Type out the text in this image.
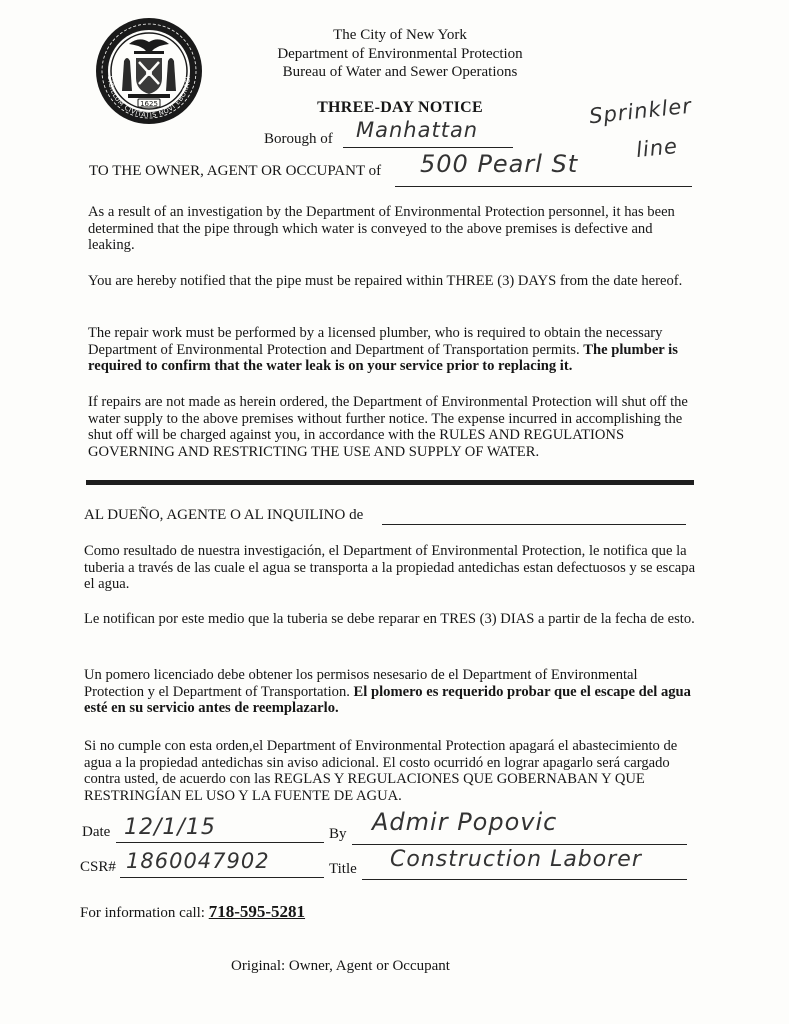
1625
SIGILLUM CIVITATIS NOVI EBORACI
The City of New York
Department of Environmental Protection
Bureau of Water and Sewer Operations
THREE-DAY NOTICE
Borough of Manhattan
Sprinkler
line
TO THE OWNER, AGENT OR OCCUPANT of 500 Pearl St
As a result of an investigation by the Department of Environmental Protection personnel, it has been determined that the pipe through which water is conveyed to the above premises is defective and leaking.
You are hereby notified that the pipe must be repaired within THREE (3) DAYS from the date hereof.
The repair work must be performed by a licensed plumber, who is required to obtain the necessary Department of Environmental Protection and Department of Transportation permits. The plumber is required to confirm that the water leak is on your service prior to replacing it.
If repairs are not made as herein ordered, the Department of Environmental Protection will shut off the water supply to the above premises without further notice. The expense incurred in accomplishing the shut off will be charged against you, in accordance with the RULES AND REGULATIONS GOVERNING AND RESTRICTING THE USE AND SUPPLY OF WATER.
AL DUEÑO, AGENTE O AL INQUILINO de
Como resultado de nuestra investigación, el Department of Environmental Protection, le notifica que la tuberia a través de las cuale el agua se transporta a la propiedad antedichas estan defectuosos y se escapa el agua.
Le notifican por este medio que la tuberia se debe reparar en TRES (3) DIAS a partir de la fecha de esto.
Un pomero licenciado debe obtener los permisos nesesario de el Department of Environmental Protection y el Department of Transportation. El plomero es requerido probar que el escape del agua esté en su servicio antes de reemplazarlo.
Si no cumple con esta orden,el Department of Environmental Protection apagará el abastecimiento de agua a la propiedad antedichas sin aviso adicional. El costo ocurridó en lograr apagarlo será cargado contra usted, de acuerdo con las REGLAS Y REGULACIONES QUE GOBERNABAN Y QUE RESTRINGÍAN EL USO Y LA FUENTE DE AGUA.
Date 12/1/15	By Admir Popovic
CSR# 1860047902	Title Construction Laborer
For information call: 718-595-5281
Original: Owner, Agent or Occupant
